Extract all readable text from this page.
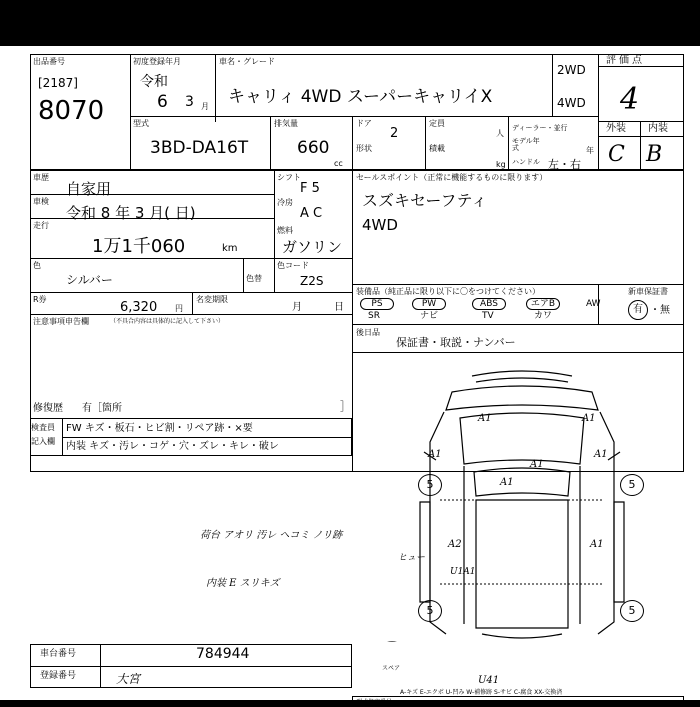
出品番号
[2187]
8070
初度登録年月
令和
6 3 月
車名・グレード
キャリィ 4WD スーパーキャリイX
2WD
4WD
評価点
4
外装 内装
C B
型式
3BD-DA16T
排気量
660
cc
ドア
2
形状
定員
人
積載
kg
ディーラー・並行
モデル年式	年
ハンドル 左・右
車歴
自家用
車検
令和 8 年 3 月( 日)
走行
1万1千060	km
色
シルバー	色替
シフト
F 5
冷房
A C
燃料
ガソリン
色コード
Z2S
R券
6,320 円
名変期限
月	日
注意事項申告欄	（不具合内容は具体的に記入して下さい）
修復歴 有［箇所	］
セールスポイント（正常に機能するものに限ります）
スズキセーフティ
4WD
装備品（純正品に限り以下に〇をつけてください）
PS	PW	ABS	エアB	AW
SR	ナビ	TV	カワ
新車保証書
有 ・ 無
後日品
保証書・取説・ナンバー
検査員
記入欄
FW キズ・板石・ヒビ割・リペア跡・×要
内装 キズ・汚レ・コゲ・穴・ズレ・キレ・破レ
荷台 アオリ 汚レ ヘコミ ノリ跡
内装 E スリキズ
5	5
5	5
A1	A1
A1
A1
A1
A1
A2
U1A1
A1
ヒュー
U41
スペア
A-キズ E-エクボ U-凹み W-補修跡 S-サビ C-腐食 XX-交換済
車台番号	784944
登録番号	大宮
型式指定番号
